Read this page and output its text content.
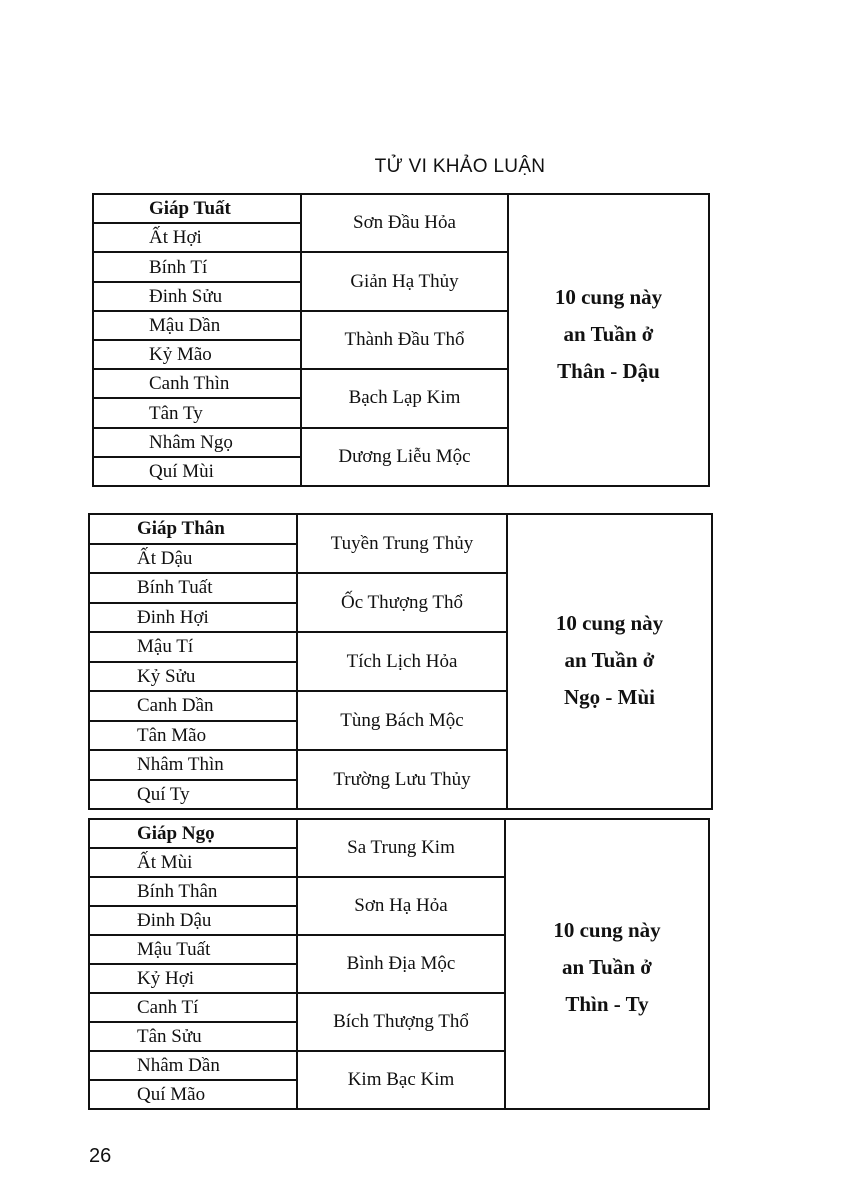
TỬ VI KHẢO LUẬN
Giáp Tuất
Ất Hợi
Bính Tí
Đinh Sửu
Mậu Dần
Kỷ Mão
Canh Thìn
Tân Ty
Nhâm Ngọ
Quí Mùi
Sơn Đầu Hỏa
Giản Hạ Thủy
Thành Đầu Thổ
Bạch Lạp Kim
Dương Liễu Mộc
10 cung này
an Tuần ở
Thân - Dậu
Giáp Thân
Ất Dậu
Bính Tuất
Đinh Hợi
Mậu Tí
Kỷ Sửu
Canh Dần
Tân Mão
Nhâm Thìn
Quí Ty
Tuyền Trung Thủy
Ốc Thượng Thổ
Tích Lịch Hỏa
Tùng Bách Mộc
Trường Lưu Thủy
10 cung này
an Tuần ở
Ngọ - Mùi
Giáp Ngọ
Ất Mùi
Bính Thân
Đinh Dậu
Mậu Tuất
Kỷ Hợi
Canh Tí
Tân Sửu
Nhâm Dần
Quí Mão
Sa Trung Kim
Sơn Hạ Hỏa
Bình Địa Mộc
Bích Thượng Thổ
Kim Bạc Kim
10 cung này
an Tuần ở
Thìn - Ty
26
